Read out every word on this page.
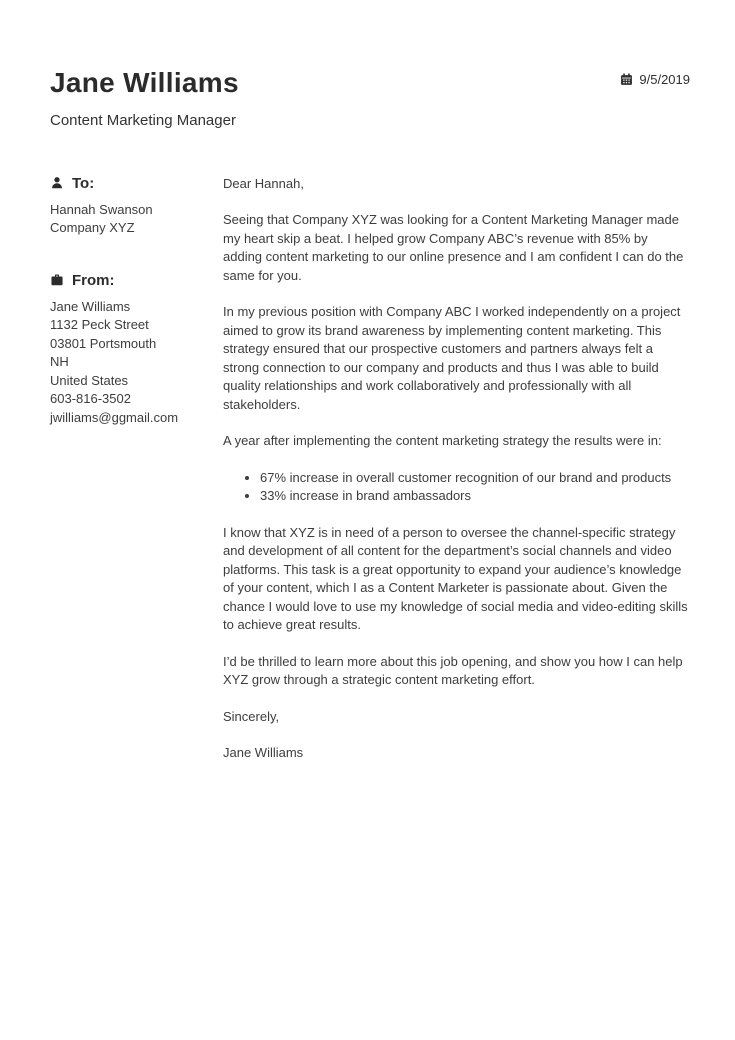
Jane Williams
Content Marketing Manager
9/5/2019
To:
Hannah Swanson
Company XYZ
From:
Jane Williams
1132 Peck Street
03801 Portsmouth
NH
United States
603-816-3502
jwilliams@ggmail.com

Dear Hannah,

Seeing that Company XYZ was looking for a Content Marketing Manager made my heart skip a beat. I helped grow Company ABC’s revenue with 85% by adding content marketing to our online presence and I am confident I can do the same for you.

In my previous position with Company ABC I worked independently on a project aimed to grow its brand awareness by implementing content marketing. This strategy ensured that our prospective customers and partners always felt a strong connection to our company and products and thus I was able to build quality relationships and work collaboratively and professionally with all stakeholders.

A year after implementing the content marketing strategy the results were in:

• 67% increase in overall customer recognition of our brand and products
• 33% increase in brand ambassadors

I know that XYZ is in need of a person to oversee the channel-specific strategy and development of all content for the department’s social channels and video platforms. This task is a great opportunity to expand your audience’s knowledge of your content, which I as a Content Marketer is passionate about. Given the chance I would love to use my knowledge of social media and video-editing skills to achieve great results.

I’d be thrilled to learn more about this job opening, and show you how I can help XYZ grow through a strategic content marketing effort.

Sincerely,

Jane Williams
